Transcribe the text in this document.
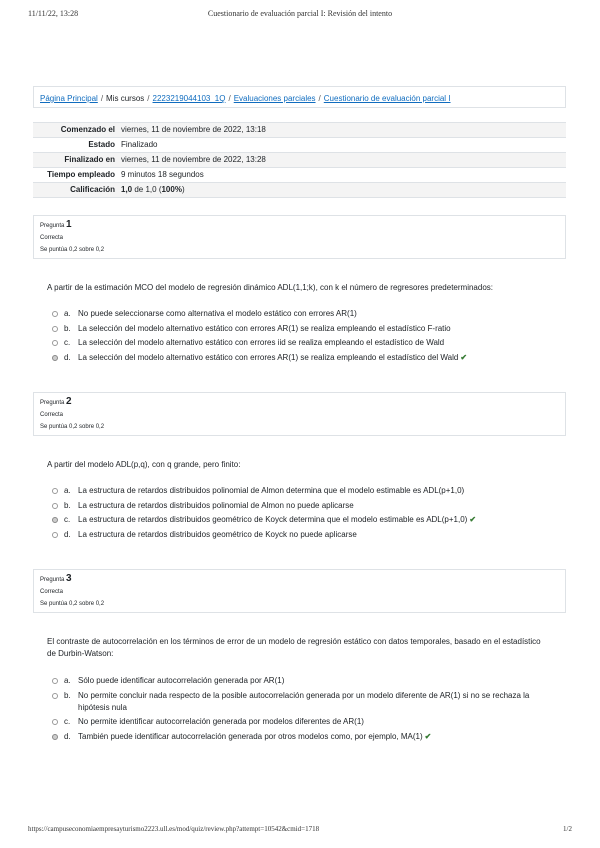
11/11/22, 13:28	Cuestionario de evaluación parcial I: Revisión del intento
Página Principal / Mis cursos / 2223219044103_1Q / Evaluaciones parciales / Cuestionario de evaluación parcial I
Comenzado el viernes, 11 de noviembre de 2022, 13:18
Estado Finalizado
Finalizado en viernes, 11 de noviembre de 2022, 13:28
Tiempo empleado 9 minutos 18 segundos
Calificación 1,0 de 1,0 (100%)
Pregunta 1
Correcta
Se puntúa 0,2 sobre 0,2
A partir de la estimación MCO del modelo de regresión dinámico ADL(1,1;k), con k el número de regresores predeterminados:
a. No puede seleccionarse como alternativa el modelo estático con errores AR(1)
b. La selección del modelo alternativo estático con errores AR(1) se realiza empleando el estadístico F-ratio
c. La selección del modelo alternativo estático con errores iid se realiza empleando el estadístico de Wald
d. La selección del modelo alternativo estático con errores AR(1) se realiza empleando el estadístico del Wald ✔
Pregunta 2
Correcta
Se puntúa 0,2 sobre 0,2
A partir del modelo ADL(p,q), con q grande, pero finito:
a. La estructura de retardos distribuidos polinomial de Almon determina que el modelo estimable es ADL(p+1,0)
b. La estructura de retardos distribuidos polinomial de Almon no puede aplicarse
c. La estructura de retardos distribuidos geométrico de Koyck determina que el modelo estimable es ADL(p+1,0) ✔
d. La estructura de retardos distribuidos geométrico de Koyck no puede aplicarse
Pregunta 3
Correcta
Se puntúa 0,2 sobre 0,2
El contraste de autocorrelación en los términos de error de un modelo de regresión estático con datos temporales, basado en el estadístico de Durbin-Watson:
a. Sólo puede identificar autocorrelación generada por AR(1)
b. No permite concluir nada respecto de la posible autocorrelación generada por un modelo diferente de AR(1) si no se rechaza la hipótesis nula
c. No permite identificar autocorrelación generada por modelos diferentes de AR(1)
d. También puede identificar autocorrelación generada por otros modelos como, por ejemplo, MA(1) ✔
https://campuseconomiaempresayturismo2223.ull.es/mod/quiz/review.php?attempt=10542&cmid=1718	1/2
